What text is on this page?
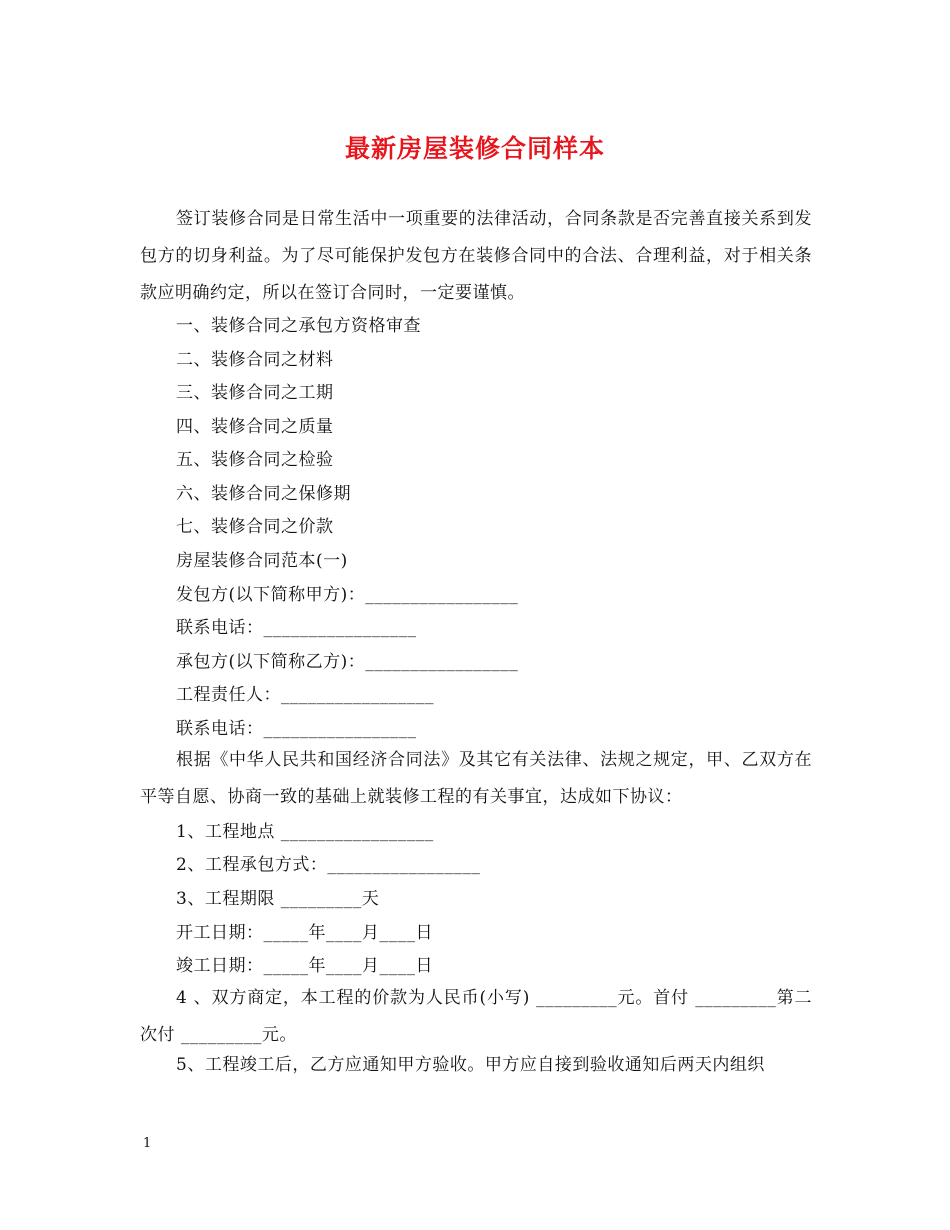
最新房屋装修合同样本

签订装修合同是日常生活中一项重要的法律活动，合同条款是否完善直接关系到发包方的切身利益。为了尽可能保护发包方在装修合同中的合法、合理利益，对于相关条款应明确约定，所以在签订合同时，一定要谨慎。

一、装修合同之承包方资格审查
二、装修合同之材料
三、装修合同之工期
四、装修合同之质量
五、装修合同之检验
六、装修合同之保修期
七、装修合同之价款
房屋装修合同范本(一)
发包方(以下简称甲方)：_________________
联系电话：_________________
承包方(以下简称乙方)：_________________
工程责任人：_________________
联系电话：_________________

根据《中华人民共和国经济合同法》及其它有关法律、法规之规定，甲、乙双方在平等自愿、协商一致的基础上就装修工程的有关事宜，达成如下协议：

1、工程地点 _________________
2、工程承包方式：_________________
3、工程期限 _________天
开工日期：_____年____月____日
竣工日期：_____年____月____日

4 、双方商定，本工程的价款为人民币(小写) _________元。首付 _________第二次付 _________元。

5、工程竣工后，乙方应通知甲方验收。甲方应自接到验收通知后两天内组织

1
